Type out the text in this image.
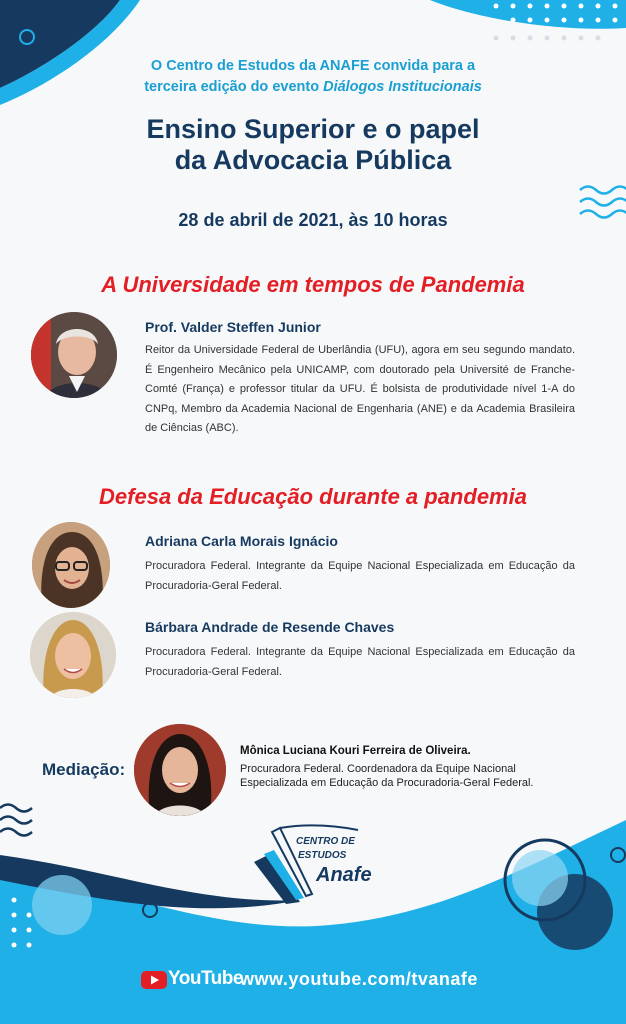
O Centro de Estudos da ANAFE convida para a
terceira edição do evento Diálogos Institucionais
Ensino Superior e o papel
da Advocacia Pública
28 de abril de 2021, às 10 horas
A Universidade em tempos de Pandemia
Prof. Valder Steffen Junior
Reitor da Universidade Federal de Uberlândia (UFU), agora em seu segundo mandato. É Engenheiro Mecânico pela UNICAMP, com doutorado pela Université de Franche-Comté (França) e professor titular da UFU. É bolsista de produtividade nível 1-A do CNPq, Membro da Academia Nacional de Engenharia (ANE) e da Academia Brasileira de Ciências (ABC).
Defesa da Educação durante a pandemia
Adriana Carla Morais Ignácio
Procuradora Federal. Integrante da Equipe Nacional Especializada em Educação da Procuradoria-Geral Federal.
Bárbara Andrade de Resende Chaves
Procuradora Federal. Integrante da Equipe Nacional Especializada em Educação da Procuradoria-Geral Federal.
Mediação:
Mônica Luciana Kouri Ferreira de Oliveira.
Procuradora Federal. Coordenadora da Equipe Nacional Especializada em Educação da Procuradoria-Geral Federal.
CENTRO DE
ESTUDOS
Anafe
YouTube
www.youtube.com/tvanafe
